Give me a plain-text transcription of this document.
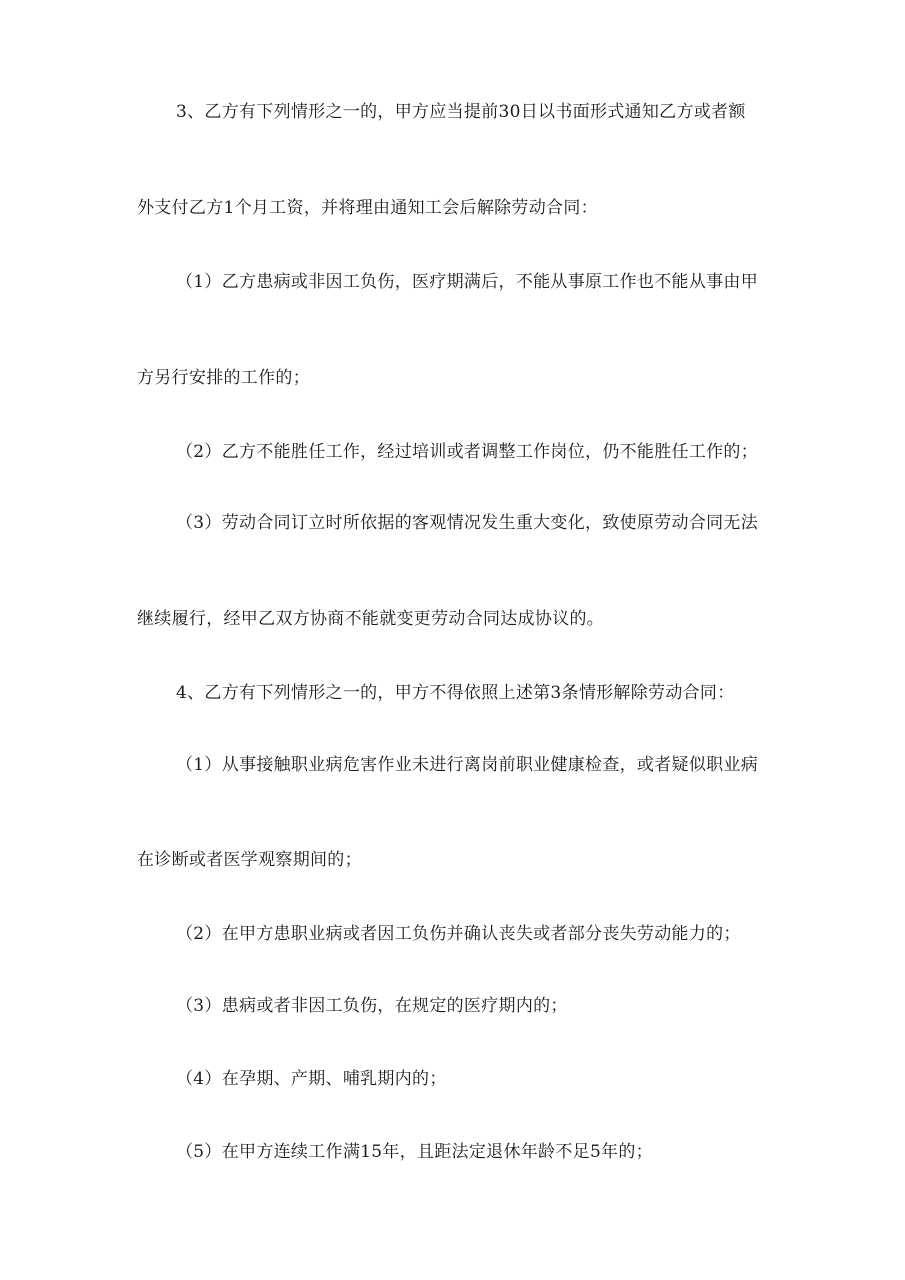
3、乙方有下列情形之一的，甲方应当提前30日以书面形式通知乙方或者额
外支付乙方1个月工资，并将理由通知工会后解除劳动合同：
（1）乙方患病或非因工负伤，医疗期满后，不能从事原工作也不能从事由甲
方另行安排的工作的；
（2）乙方不能胜任工作，经过培训或者调整工作岗位，仍不能胜任工作的；
（3）劳动合同订立时所依据的客观情况发生重大变化，致使原劳动合同无法
继续履行，经甲乙双方协商不能就变更劳动合同达成协议的。
4、乙方有下列情形之一的，甲方不得依照上述第3条情形解除劳动合同：
（1）从事接触职业病危害作业未进行离岗前职业健康检查，或者疑似职业病
在诊断或者医学观察期间的；
（2）在甲方患职业病或者因工负伤并确认丧失或者部分丧失劳动能力的；
（3）患病或者非因工负伤，在规定的医疗期内的；
（4）在孕期、产期、哺乳期内的；
（5）在甲方连续工作满15年，且距法定退休年龄不足5年的；
